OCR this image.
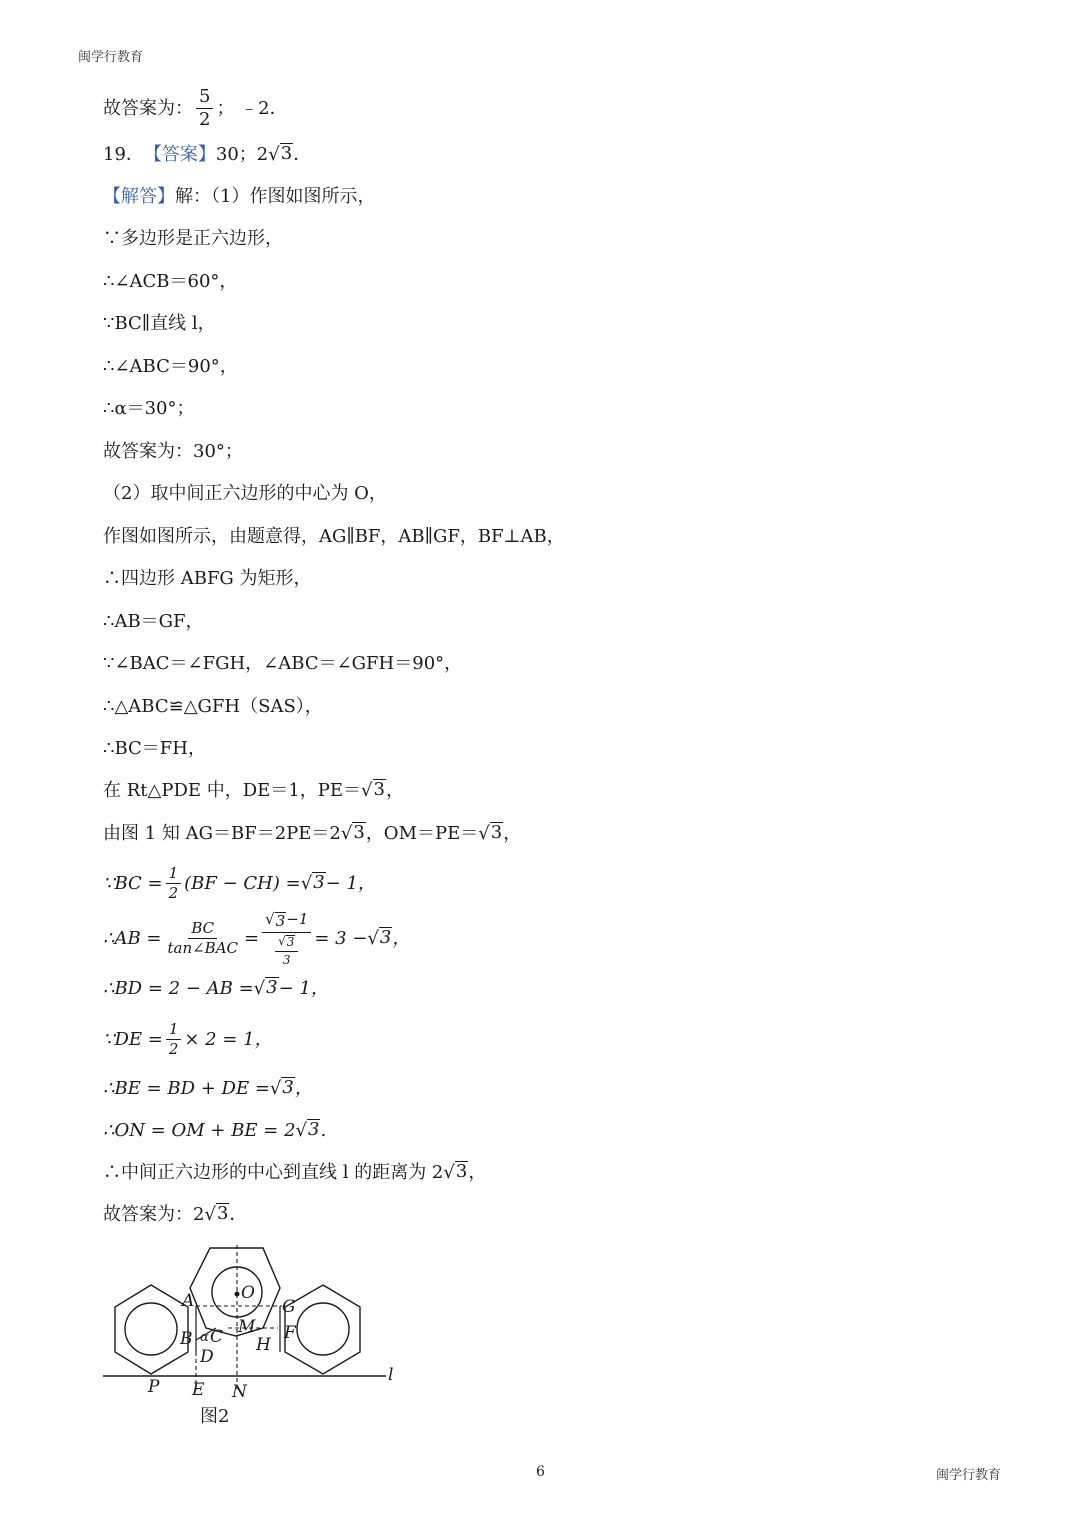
闽学行教育
故答案为： $\frac{5}{2}$ ； ﹣2．
19． 【答案】 30；2 √ 3 ．
【解答】 解：（1）作图如图所示，
∵多边形是正六边形，
∴∠ACB＝60°，
∵BC∥直线 l，
∴∠ABC＝90°，
∴α＝30°；
故答案为：30°；
（2）取中间正六边形的中心为 O，
作图如图所示，由题意得，AG∥BF，AB∥GF，BF⊥AB，
∴四边形 ABFG 为矩形，
∴AB＝GF，
∵∠BAC＝∠FGH，∠ABC＝∠GFH＝90°，
∴△ABC≌△GFH（SAS），
∴BC＝FH，
在 Rt△PDE 中，DE＝1，PE＝ √ 3 ，
由图 1 知 AG＝BF＝2PE＝2 √ 3 ，OM＝PE＝ √ 3 ，
∵BC = $\frac{1}{2} (BF - CH)$ = √ 3 − 1，
∴AB = $\frac{BC}{\text{tan∠BAC}} = \frac{√ 3 -1}{\frac{√ 3}{3}} = 3$ − √ 3 ，
∴BD = 2 − AB = √ 3 − 1，
∵DE = $\frac{1}{2} \times 2 = 1$，
∴BE = BD + DE = √ 3 ，
∴ON = OM + BE = 2 √ 3 .
∴中间正六边形的中心到直线 l 的距离为 2 √ 3 ，
故答案为：2 √ 3 ．
A	O
G
M
B α C	F
H
D
P E N
l
图2
6	闽学行教育
